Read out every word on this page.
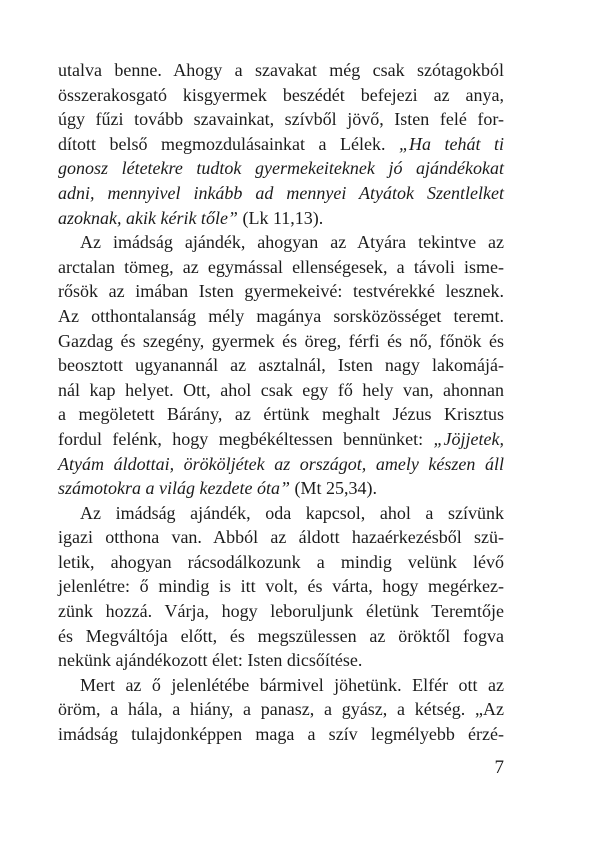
utalva benne. Ahogy a szavakat még csak szótagokból
összerakosgató kisgyermek beszédét befejezi az anya,
úgy fűzi tovább szavainkat, szívből jövő, Isten felé for-
dított belső megmozdulásainkat a Lélek. „Ha tehát ti
gonosz létetekre tudtok gyermekeiteknek jó ajándékokat
adni, mennyivel inkább ad mennyei Atyátok Szentlelket
azoknak, akik kérik tőle” (Lk 11,13).
Az imádság ajándék, ahogyan az Atyára tekintve az
arctalan tömeg, az egymással ellenségesek, a távoli isme-
rősök az imában Isten gyermekeivé: testvérekké lesznek.
Az otthontalanság mély magánya sorsközösséget teremt.
Gazdag és szegény, gyermek és öreg, férfi és nő, főnök és
beosztott ugyanannál az asztalnál, Isten nagy lakomájá-
nál kap helyet. Ott, ahol csak egy fő hely van, ahonnan
a megöletett Bárány, az értünk meghalt Jézus Krisztus
fordul felénk, hogy megbékéltessen bennünket: „Jöjjetek,
Atyám áldottai, örököljétek az országot, amely készen áll
számotokra a világ kezdete óta” (Mt 25,34).
Az imádság ajándék, oda kapcsol, ahol a szívünk
igazi otthona van. Abból az áldott hazaérkezésből szü-
letik, ahogyan rácsodálkozunk a mindig velünk lévő
jelenlétre: ő mindig is itt volt, és várta, hogy megérkez-
zünk hozzá. Várja, hogy leboruljunk életünk Teremtője
és Megváltója előtt, és megszülessen az öröktől fogva
nekünk ajándékozott élet: Isten dicsőítése.
Mert az ő jelenlétébe bármivel jöhetünk. Elfér ott az
öröm, a hála, a hiány, a panasz, a gyász, a kétség. „Az
imádság tulajdonképpen maga a szív legmélyebb érzé-
7
